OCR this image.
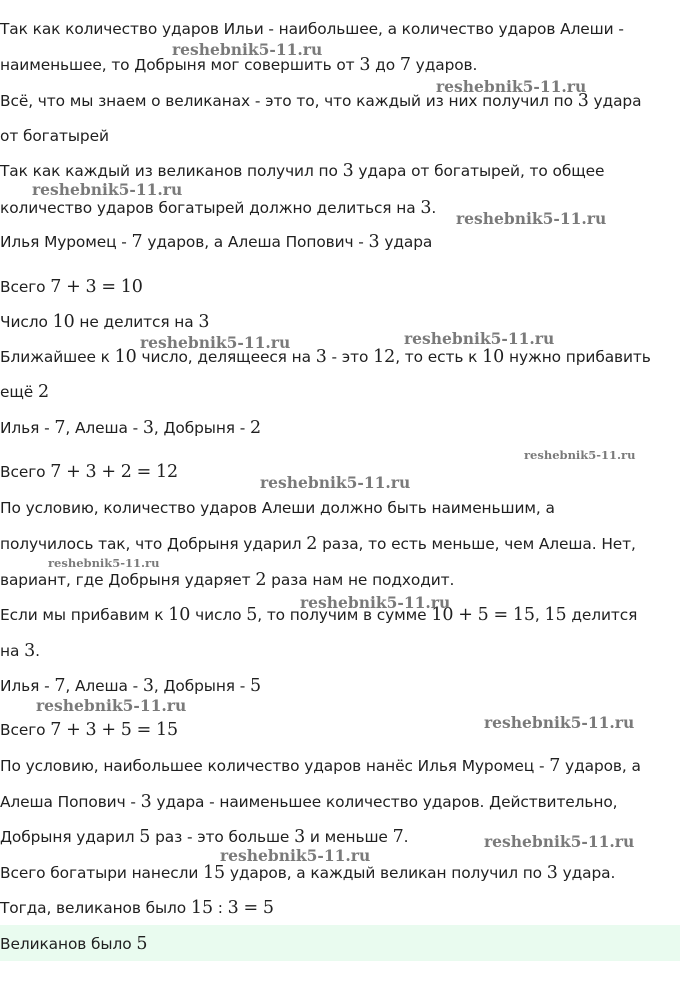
Так как количество ударов Ильи - наибольшее, а количество ударов Алеши -
наименьшее, то Добрыня мог совершить от 3 до 7 ударов.
Всё, что мы знаем о великанах - это то, что каждый из них получил по 3 удара
от богатырей
Так как каждый из великанов получил по 3 удара от богатырей, то общее
количество ударов богатырей должно делиться на 3.
Илья Муромец - 7 ударов, а Алеша Попович - 3 удара
Всего 7 + 3 = 10
Число 10 не делится на 3
Ближайшее к 10 число, делящееся на 3 - это 12, то есть к 10 нужно прибавить
ещё 2
Илья - 7, Алеша - 3, Добрыня - 2
Всего 7 + 3 + 2 = 12
По условию, количество ударов Алеши должно быть наименьшим, а
получилось так, что Добрыня ударил 2 раза, то есть меньше, чем Алеша. Нет,
вариант, где Добрыня ударяет 2 раза нам не подходит.
Если мы прибавим к 10 число 5, то получим в сумме 10 + 5 = 15, 15 делится
на 3.
Илья - 7, Алеша - 3, Добрыня - 5
Всего 7 + 3 + 5 = 15
По условию, наибольшее количество ударов нанёс Илья Муромец - 7 ударов, а
Алеша Попович - 3 удара - наименьшее количество ударов. Действительно,
Добрыня ударил 5 раз - это больше 3 и меньше 7.
Всего богатыри нанесли 15 ударов, а каждый великан получил по 3 удара.
Тогда, великанов было 15 : 3 = 5
Великанов было 5
reshebnik5-11.ru
reshebnik5-11.ru
reshebnik5-11.ru
reshebnik5-11.ru
reshebnik5-11.ru	reshebnik5-11.ru
reshebnik5-11.ru
reshebnik5-11.ru
reshebnik5-11.ru
reshebnik5-11.ru
reshebnik5-11.ru
reshebnik5-11.ru
reshebnik5-11.ru
reshebnik5-11.ru
